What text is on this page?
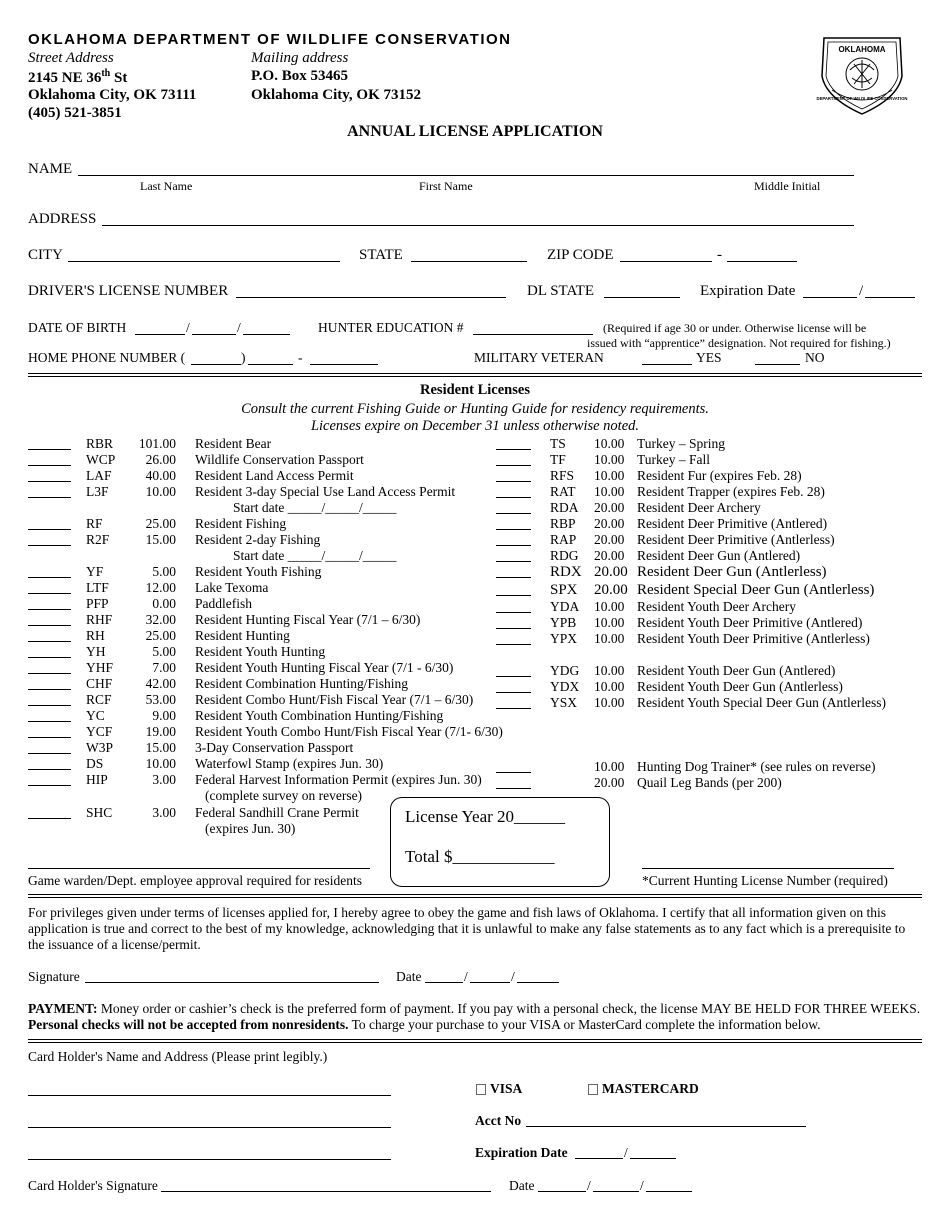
OKLAHOMA DEPARTMENT OF WILDLIFE CONSERVATION
Street Address
2145 NE 36th St
Oklahoma City, OK 73111
(405) 521-3851
Mailing address
P.O. Box 53465
Oklahoma City, OK 73152
OKLAHOMA
DEPARTMENT OF WILDLIFE CONSERVATION
ANNUAL LICENSE APPLICATION
NAME
Last Name	First Name	Middle Initial
ADDRESS
CITY	STATE	ZIP CODE	-
DRIVER'S LICENSE NUMBER	DL STATE	Expiration Date	/
DATE OF BIRTH	/	/	HUNTER EDUCATION #	(Required if age 30 or under. Otherwise license will be
issued with “apprentice” designation. Not required for fishing.)
HOME PHONE NUMBER (	)	-	MILITARY VETERAN	YES	NO
Resident Licenses
Consult the current Fishing Guide or Hunting Guide for residency requirements.
Licenses expire on December 31 unless otherwise noted.
RBR 101.00 Resident Bear
WCP	26.00 Wildlife Conservation Passport
LAF	40.00 Resident Land Access Permit
L3F	10.00 Resident 3-day Special Use Land Access Permit
Start date _____/_____/_____
RF	25.00 Resident Fishing
R2F	15.00 Resident 2-day Fishing
Start date _____/_____/_____
YF	5.00 Resident Youth Fishing
LTF	12.00 Lake Texoma
PFP	0.00 Paddlefish
RHF	32.00 Resident Hunting Fiscal Year (7/1 – 6/30)
RH	25.00 Resident Hunting
YH	5.00 Resident Youth Hunting
YHF	7.00 Resident Youth Hunting Fiscal Year (7/1 - 6/30)
CHF	42.00 Resident Combination Hunting/Fishing
RCF	53.00 Resident Combo Hunt/Fish Fiscal Year (7/1 – 6/30)
YC	9.00 Resident Youth Combination Hunting/Fishing
YCF	19.00 Resident Youth Combo Hunt/Fish Fiscal Year (7/1- 6/30)
W3P	15.00 3-Day Conservation Passport
DS	10.00 Waterfowl Stamp (expires Jun. 30)
HIP	3.00 Federal Harvest Information Permit (expires Jun. 30)
(complete survey on reverse)
SHC	3.00 Federal Sandhill Crane Permit
(expires Jun. 30)
TS 10.00 Turkey – Spring
TF 10.00 Turkey – Fall
RFS 10.00 Resident Fur (expires Feb. 28)
RAT 10.00 Resident Trapper (expires Feb. 28)
RDA 20.00 Resident Deer Archery
RBP 20.00 Resident Deer Primitive (Antlered)
RAP 20.00 Resident Deer Primitive (Antlerless)
RDG 20.00 Resident Deer Gun (Antlered)
RDX 20.00 Resident Deer Gun (Antlerless)
SPX 20.00 Resident Special Deer Gun (Antlerless)
YDA 10.00 Resident Youth Deer Archery
YPB 10.00 Resident Youth Deer Primitive (Antlered)
YPX 10.00 Resident Youth Deer Primitive (Antlerless)
YDG 10.00 Resident Youth Deer Gun (Antlered)
YDX 10.00 Resident Youth Deer Gun (Antlerless)
YSX 10.00 Resident Youth Special Deer Gun (Antlerless)
10.00 Hunting Dog Trainer* (see rules on reverse)
20.00 Quail Leg Bands (per 200)
License Year 20______
Total $____________
Game warden/Dept. employee approval required for residents	*Current Hunting License Number (required)
For privileges given under terms of licenses applied for, I hereby agree to obey the game and fish laws of Oklahoma. I certify that all information given on this application is true and correct to the best of my knowledge, acknowledging that it is unlawful to make any false statements as to any fact which is a prerequisite to the issuance of a license/permit.
Signature	Date	/	/
PAYMENT: Money order or cashier’s check is the preferred form of payment. If you pay with a personal check, the license MAY BE HELD FOR THREE WEEKS. Personal checks will not be accepted from nonresidents. To charge your purchase to your VISA or MasterCard complete the information below.
Card Holder's Name and Address (Please print legibly.)
VISA	MASTERCARD
Acct No
Expiration Date	/
Card Holder's Signature	Date	/	/
